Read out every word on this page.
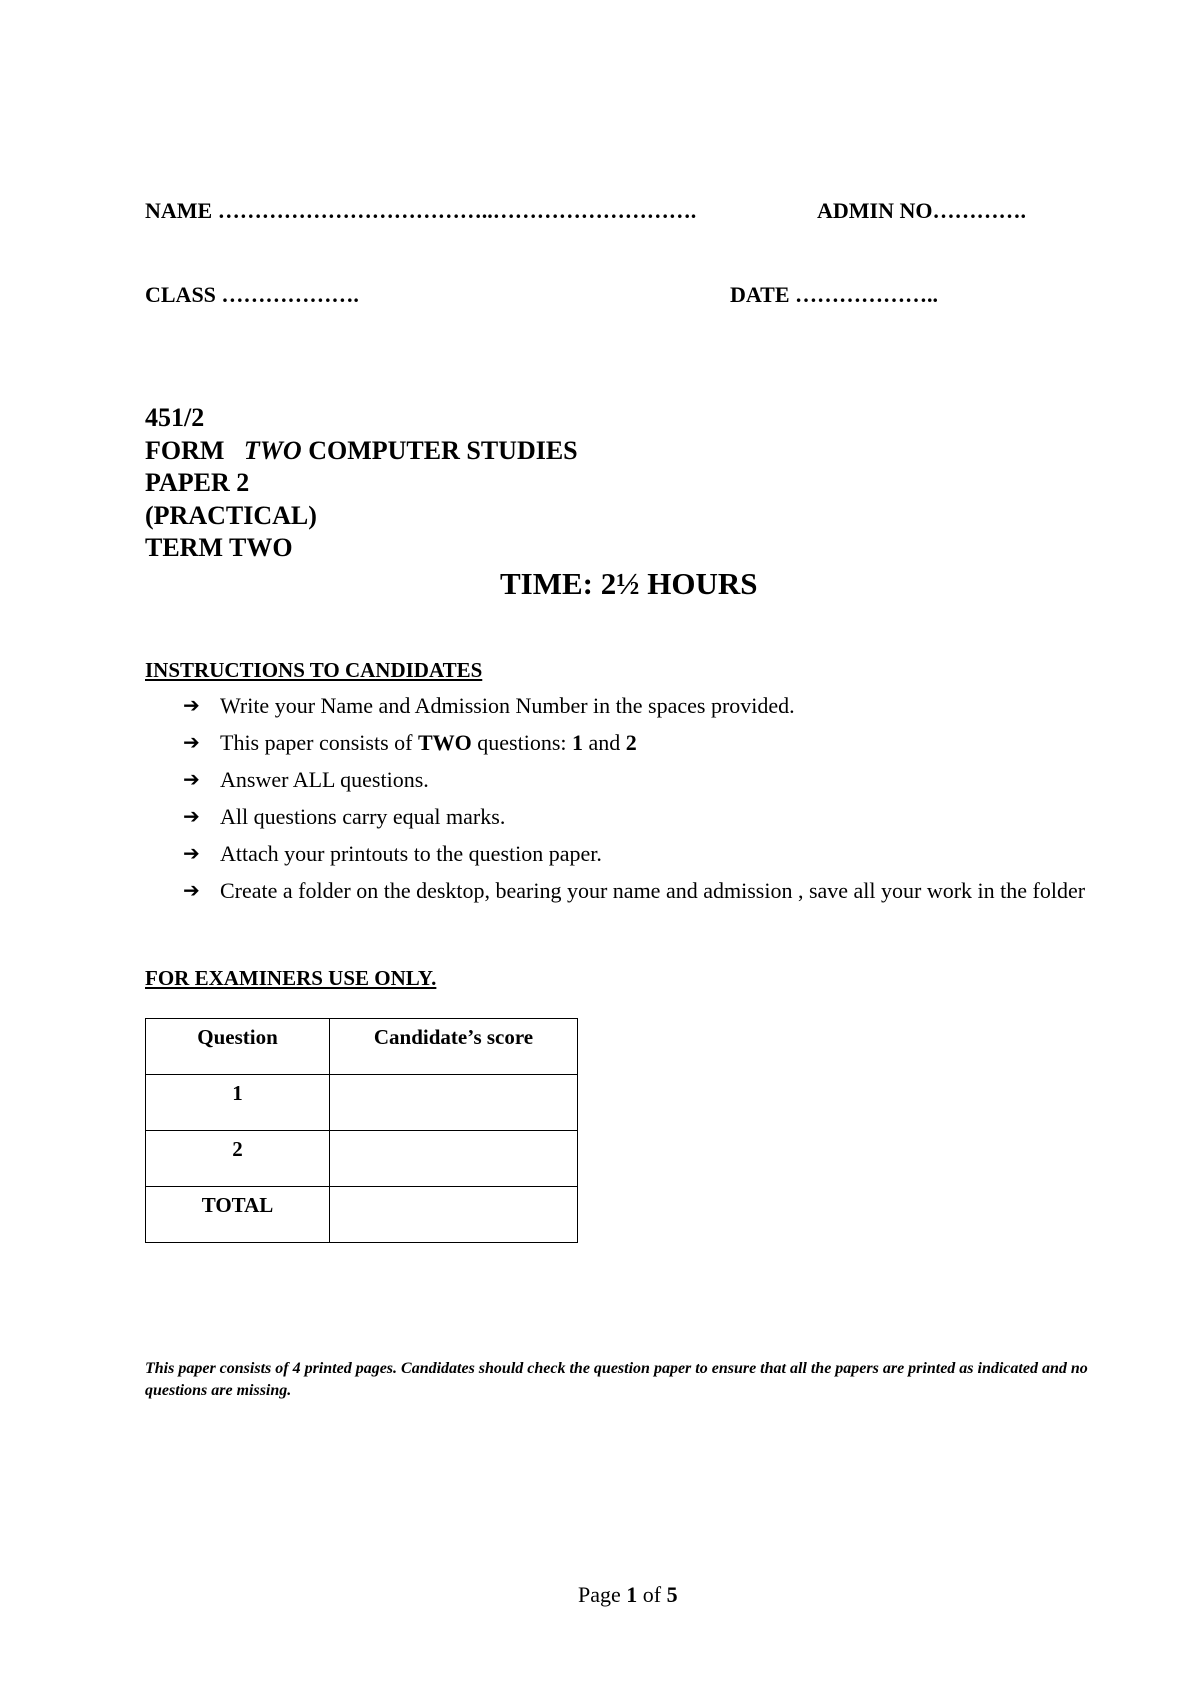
NAME ………………………………..……………………….	ADMIN NO………….
CLASS ……………….	DATE ………………..
451/2
FORM TWO COMPUTER STUDIES
PAPER 2
(PRACTICAL)
TERM TWO
TIME: 2½ HOURS
INSTRUCTIONS TO CANDIDATES
➔ Write your Name and Admission Number in the spaces provided.
➔ This paper consists of TWO questions: 1 and 2
➔ Answer ALL questions.
➔ All questions carry equal marks.
➔ Attach your printouts to the question paper.
➔ Create a folder on the desktop, bearing your name and admission , save all your work in the folder
FOR EXAMINERS USE ONLY.
Question	Candidate’s score
1	
2	
TOTAL	
This paper consists of 4 printed pages. Candidates should check the question paper to ensure that all the papers are printed as indicated and no questions are missing.
Page 1 of 5
